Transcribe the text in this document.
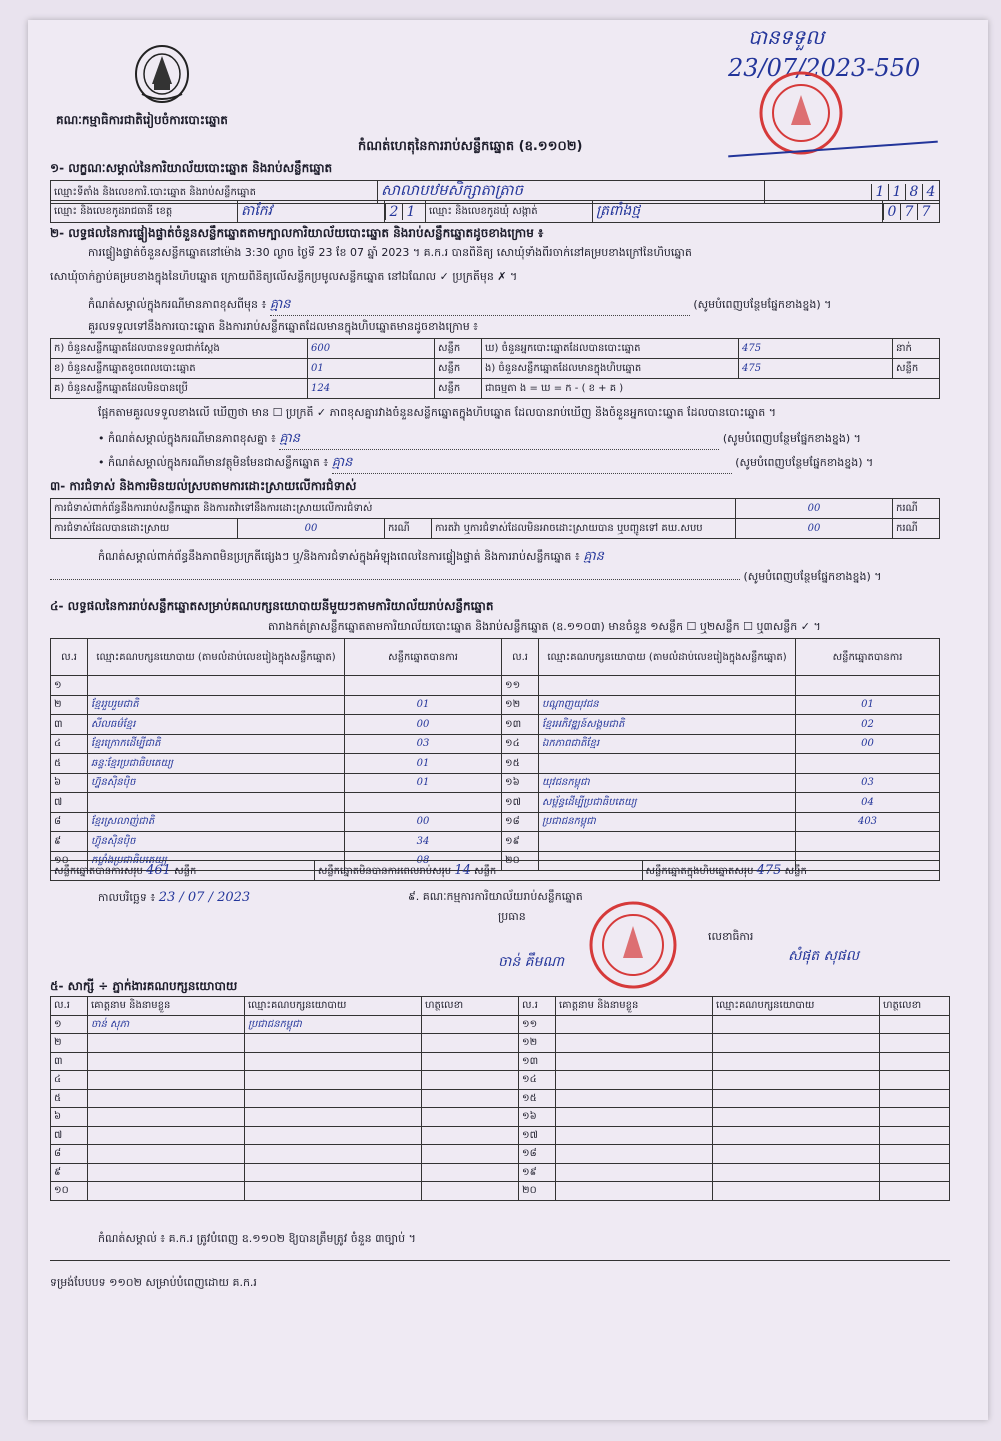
គណៈកម្មាធិការជាតិរៀបចំការបោះឆ្នោត
បានទទួល
23/07/2023-550
កំណត់ហេតុនៃការរាប់សន្លឹកឆ្នោត (ឧ.១១០២)
១- លក្ខណៈសម្គាល់នៃការិយាល័យបោះឆ្នោត និងរាប់សន្លឹកឆ្នោត
ឈ្មោះទីតាំង និងលេខការិ.បោះឆ្នោត និងរាប់សន្លឹកឆ្នោត	សាលាបឋមសិក្សាតាត្រាច	1 1 8 4
ឈ្មោះ និងលេខកូដរាជធានី ខេត្ត	តាកែវ	2 1	ឈ្មោះ និងលេខកូដឃុំ សង្កាត់	ត្រពាំងថ្ម	0 7 7
២- លទ្ធផលនៃការផ្ទៀងផ្ទាត់ចំនួនសន្លឹកឆ្នោតតាមក្បាលការិយាល័យបោះឆ្នោត និងរាប់សន្លឹកឆ្នោតដូចខាងក្រោម ៖
ការផ្ទៀងផ្ទាត់ចំនួនសន្លឹកឆ្នោតនៅម៉ោង 3:30 ល្ងាច ថ្ងៃទី 23 ខែ 07 ឆ្នាំ 2023 ។ គ.ក.រ បានពិនិត្យ សោ​ឃុំទាំងពីរចាក់នៅគម្របខាងក្រៅនៃហិបឆ្នោត
សោ​ឃុំចាក់ភ្ជាប់គម្របខាងក្នុងនៃហិបឆ្នោត ក្រោយពិនិត្យលើសន្លឹកប្រមូលសន្លឹកឆ្នោត នៅឯណែល ✓ ប្រក្រតីមុន ✗ ។
កំណត់សម្គាល់ក្នុងករណីមានភាពខុសពីមុន ៖ គ្មាន	(សូមបំពេញបន្ថែមផ្នែកខាងខ្នង) ។
គួរលទទួលទៅនឹងការបោះឆ្នោត និងការរាប់សន្លឹកឆ្នោតដែលមានក្នុងហិបឆ្នោតមានដូចខាងក្រោម ៖
ក) ចំនួនសន្លឹកឆ្នោតដែលបានទទួលជាក់ស្តែង	600	សន្លឹក	ឃ) ចំនួនអ្នកបោះឆ្នោតដែលបានបោះឆ្នោត	475	នាក់
ខ) ចំនួនសន្លឹកឆ្នោតខូចពេលបោះឆ្នោត	01	សន្លឹក	ង) ចំនួនសន្លឹកឆ្នោតដែលមានក្នុងហិបឆ្នោត	475	សន្លឹក
គ) ចំនួនសន្លឹកឆ្នោតដែលមិនបានប្រើ	124	សន្លឹក	ជាធម្មតា ង = ឃ = ក - ( ខ + គ )		
ផ្អែកតាមគួរលទទួលខាងលើ ឃើញថា មាន ☐ ប្រក្រតី ✓ ភាពខុសគ្នារវាងចំនួនសន្លឹកឆ្នោតក្នុងហិបឆ្នោត ដែលបានរាប់ឃើញ និងចំនួនអ្នកបោះឆ្នោត ដែលបានបោះឆ្នោត ។
• កំណត់សម្គាល់ក្នុងករណីមានភាពខុសគ្នា ៖ គ្មាន	(សូមបំពេញបន្ថែមផ្នែកខាងខ្នង) ។
• កំណត់សម្គាល់ក្នុងករណីមានវត្ថុមិនមែនជាសន្លឹកឆ្នោត ៖ គ្មាន	(សូមបំពេញបន្ថែមផ្នែកខាងខ្នង) ។
៣- ការជំទាស់ និងការមិនយល់ស្របតាមការដោះស្រាយលើការជំទាស់
ការជំទាស់ពាក់ព័ន្ធនឹងការរាប់សន្លឹកឆ្នោត និងការតវ៉ាទៅនឹងការដោះស្រាយលើការជំទាស់				00	ករណី
ការជំទាស់ដែលបានដោះស្រាយ	00	ករណី	ការតវ៉ា ឬការជំទាស់ដែលមិនអាចដោះស្រាយបាន ឬបញ្ជូនទៅ គឃ.សបប	00	ករណី
កំណត់សម្គាល់ពាក់ព័ន្ធនឹងភាពមិនប្រក្រតីផ្សេងៗ ឬ/និងការជំទាស់ក្នុងអំឡុងពេលនៃការផ្ទៀងផ្ទាត់ និងការរាប់សន្លឹកឆ្នោត ៖ គ្មាន
(សូមបំពេញបន្ថែមផ្នែកខាងខ្នង) ។
៤- លទ្ធផលនៃការរាប់សន្លឹកឆ្នោតសម្រាប់គណបក្សនយោបាយនីមួយៗតាមការិយាល័យរាប់សន្លឹកឆ្នោត
តារាងកត់ត្រាសន្លឹកឆ្នោតតាមការិយាល័យបោះឆ្នោត និងរាប់សន្លឹកឆ្នោត (ឧ.១១០៣) មានចំនួន ១សន្លឹក ☐ ឬ២សន្លឹក ☐ ឬ៣សន្លឹក ✓ ។
ល.រ	ឈ្មោះគណបក្សនយោបាយ (តាមលំដាប់លេខរៀងក្នុងសន្លឹកឆ្នោត)	សន្លឹកឆ្នោតបានការ	ល.រ	ឈ្មោះគណបក្សនយោបាយ (តាមលំដាប់លេខរៀងក្នុងសន្លឹកឆ្នោត)	សន្លឹកឆ្នោតបានការ
១			១១		
២	ខ្មែររួបរួមជាតិ	01	១២	បណ្តាញយុវជន	01
៣	សីលធម៌ខ្មែរ	00	១៣	ខ្មែរអភិវឌ្ឍន៍សង្គមជាតិ	02
៤	ខ្មែរក្រោកដើម្បីជាតិ	03	១៤	ឯកភាពជាតិខ្មែរ	00
៥	ឆន្ទៈខ្មែរប្រជាធិបតេយ្យ	01	១៥		
៦	ហ្វ៊ុនស៊ិនប៉ិច	01	១៦	យុវជនកម្ពុជា	03
៧			១៧	សម្ព័ន្ធដើម្បីប្រជាធិបតេយ្យ	04
៨	ខ្មែរស្រលាញ់ជាតិ	00	១៨	ប្រជាជនកម្ពុជា	403
៩	ហ៊្វុនស៊ិនប៉ិច	34	១៩		
១០	កម្លាំងប្រជាធិបតេយ្យ	08	២០		
សន្លឹកឆ្នោតបានការសរុប 461 សន្លឹក	សន្លឹកឆ្នោតមិនបានការពេលរាប់សរុប 14 សន្លឹក	សន្លឹកឆ្នោតក្នុងហិបឆ្នោតសរុប 475 សន្លឹក
កាលបរិច្ឆេទ ៖ 23 / 07 / 2023	៩. គណៈកម្មការការិយាល័យរាប់សន្លឹកឆ្នោត
ប្រធាន
ចាន់ គឹមណា
លេខាធិការ
សំផុត សុផល
៥- សាក្សី ÷ ភ្នាក់ងារគណបក្សនយោបាយ
ល.រ	គោត្តនាម និងនាមខ្លួន	ឈ្មោះគណបក្សនយោបាយ	ហត្ថលេខា	ល.រ	គោត្តនាម និងនាមខ្លួន	ឈ្មោះគណបក្សនយោបាយ	ហត្ថលេខា
១	ចាន់ សុភា	ប្រជាជនកម្ពុជា		១១			
២				១២			
៣				១៣			
៤				១៤			
៥				១៥			
៦				១៦			
៧				១៧			
៨				១៨			
៩				១៩			
១០				២០			
កំណត់សម្គាល់ ៖ គ.ក.រ ត្រូវបំពេញ ឧ.១១០២ ឱ្យបានត្រឹមត្រូវ ចំនួន ៣ច្បាប់ ។
ទម្រង់បែបបទ ១១០២ សម្រាប់បំពេញដោយ គ.ក.រ
